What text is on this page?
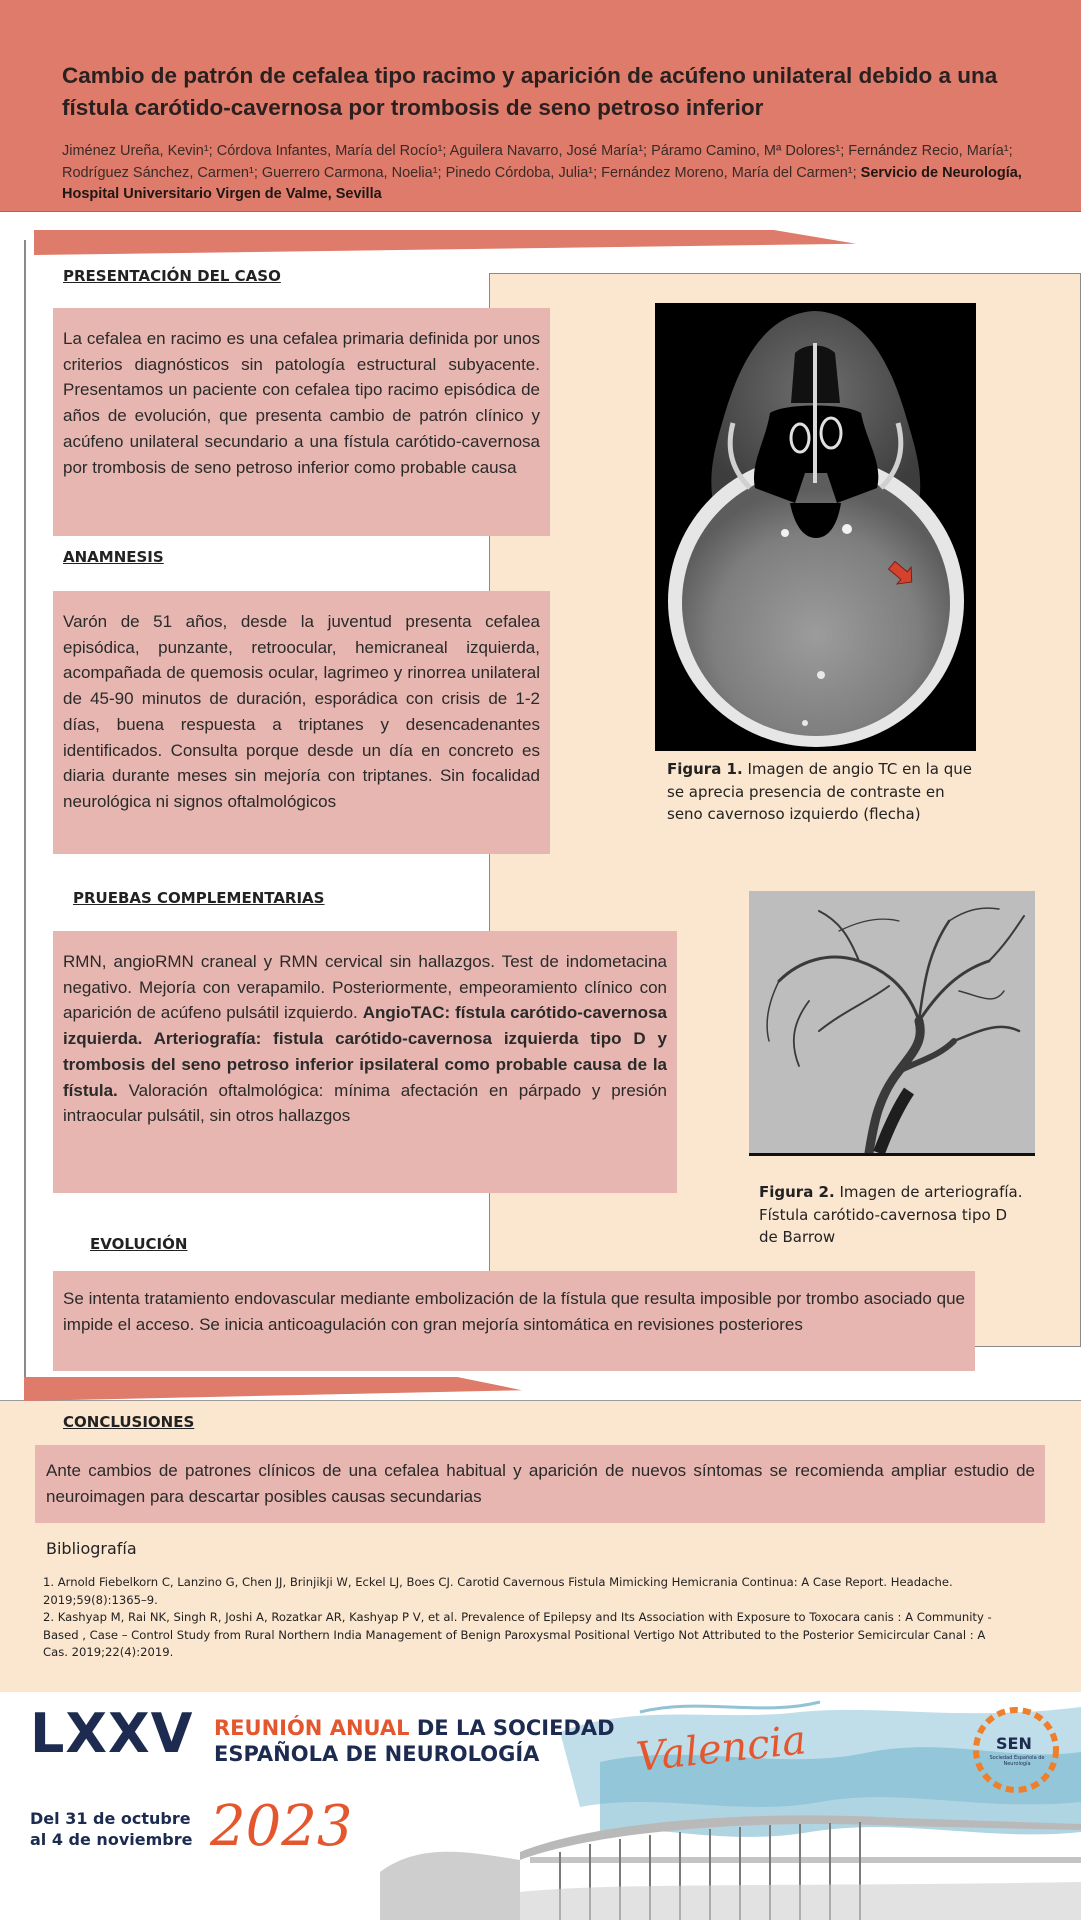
Cambio de patrón de cefalea tipo racimo y aparición de acúfeno unilateral debido a una fístula carótido-cavernosa por trombosis de seno petroso inferior
Jiménez Ureña, Kevin¹; Córdova Infantes, María del Rocío¹; Aguilera Navarro, José María¹; Páramo Camino, Mª Dolores¹; Fernández Recio, María¹; Rodríguez Sánchez, Carmen¹; Guerrero Carmona, Noelia¹; Pinedo Córdoba, Julia¹; Fernández Moreno, María del Carmen¹; Servicio de Neurología, Hospital Universitario Virgen de Valme, Sevilla
PRESENTACIÓN DEL CASO

La cefalea en racimo es una cefalea primaria definida por unos criterios diagnósticos sin patología estructural subyacente. Presentamos un paciente con cefalea tipo racimo episódica de años de evolución, que presenta cambio de patrón clínico y acúfeno unilateral secundario a una fístula carótido-cavernosa por trombosis de seno petroso inferior como probable causa

ANAMNESIS

Varón de 51 años, desde la juventud presenta cefalea episódica, punzante, retroocular, hemicraneal izquierda, acompañada de quemosis ocular, lagrimeo y rinorrea unilateral de 45-90 minutos de duración, esporádica con crisis de 1-2 días, buena respuesta a triptanes y desencadenantes identificados. Consulta porque desde un día en concreto es diaria durante meses sin mejoría con triptanes. Sin focalidad neurológica ni signos oftalmológicos

PRUEBAS COMPLEMENTARIAS

RMN, angioRMN craneal y RMN cervical sin hallazgos. Test de indometacina negativo. Mejoría con verapamilo. Posteriormente, empeoramiento clínico con aparición de acúfeno pulsátil izquierdo. AngioTAC: fístula carótido-cavernosa izquierda. Arteriografía: fistula carótido-cavernosa izquierda tipo D y trombosis del seno petroso inferior ipsilateral como probable causa de la fístula. Valoración oftalmológica: mínima afectación en párpado y presión intraocular pulsátil, sin otros hallazgos

EVOLUCIÓN

Se intenta tratamiento endovascular mediante embolización de la fístula que resulta imposible por trombo asociado que impide el acceso. Se inicia anticoagulación con gran mejoría sintomática en revisiones posteriores

Figura 1. Imagen de angio TC en la que se aprecia presencia de contraste en seno cavernoso izquierdo (flecha)
Figura 2. Imagen de arteriografía. Fístula carótido-cavernosa tipo D de Barrow
CONCLUSIONES

Ante cambios de patrones clínicos de una cefalea habitual y aparición de nuevos síntomas se recomienda ampliar estudio de neuroimagen para descartar posibles causas secundarias

Bibliografía
1. Arnold Fiebelkorn C, Lanzino G, Chen JJ, Brinjikji W, Eckel LJ, Boes CJ. Carotid Cavernous Fistula Mimicking Hemicrania Continua: A Case Report. Headache. 2019;59(8):1365–9.
2. Kashyap M, Rai NK, Singh R, Joshi A, Rozatkar AR, Kashyap P V, et al. Prevalence of Epilepsy and Its Association with Exposure to Toxocara canis : A Community - Based , Case – Control Study from Rural Northern India Management of Benign Paroxysmal Positional Vertigo Not Attributed to the Posterior Semicircular Canal : A Cas. 2019;22(4):2019.
LXXV REUNIÓN ANUAL DE LA SOCIEDAD
ESPAÑOLA DE NEUROLOGÍA
Del 31 de octubre
al 4 de noviembre 2023
Valencia	SEN
Sociedad Española de Neurología
